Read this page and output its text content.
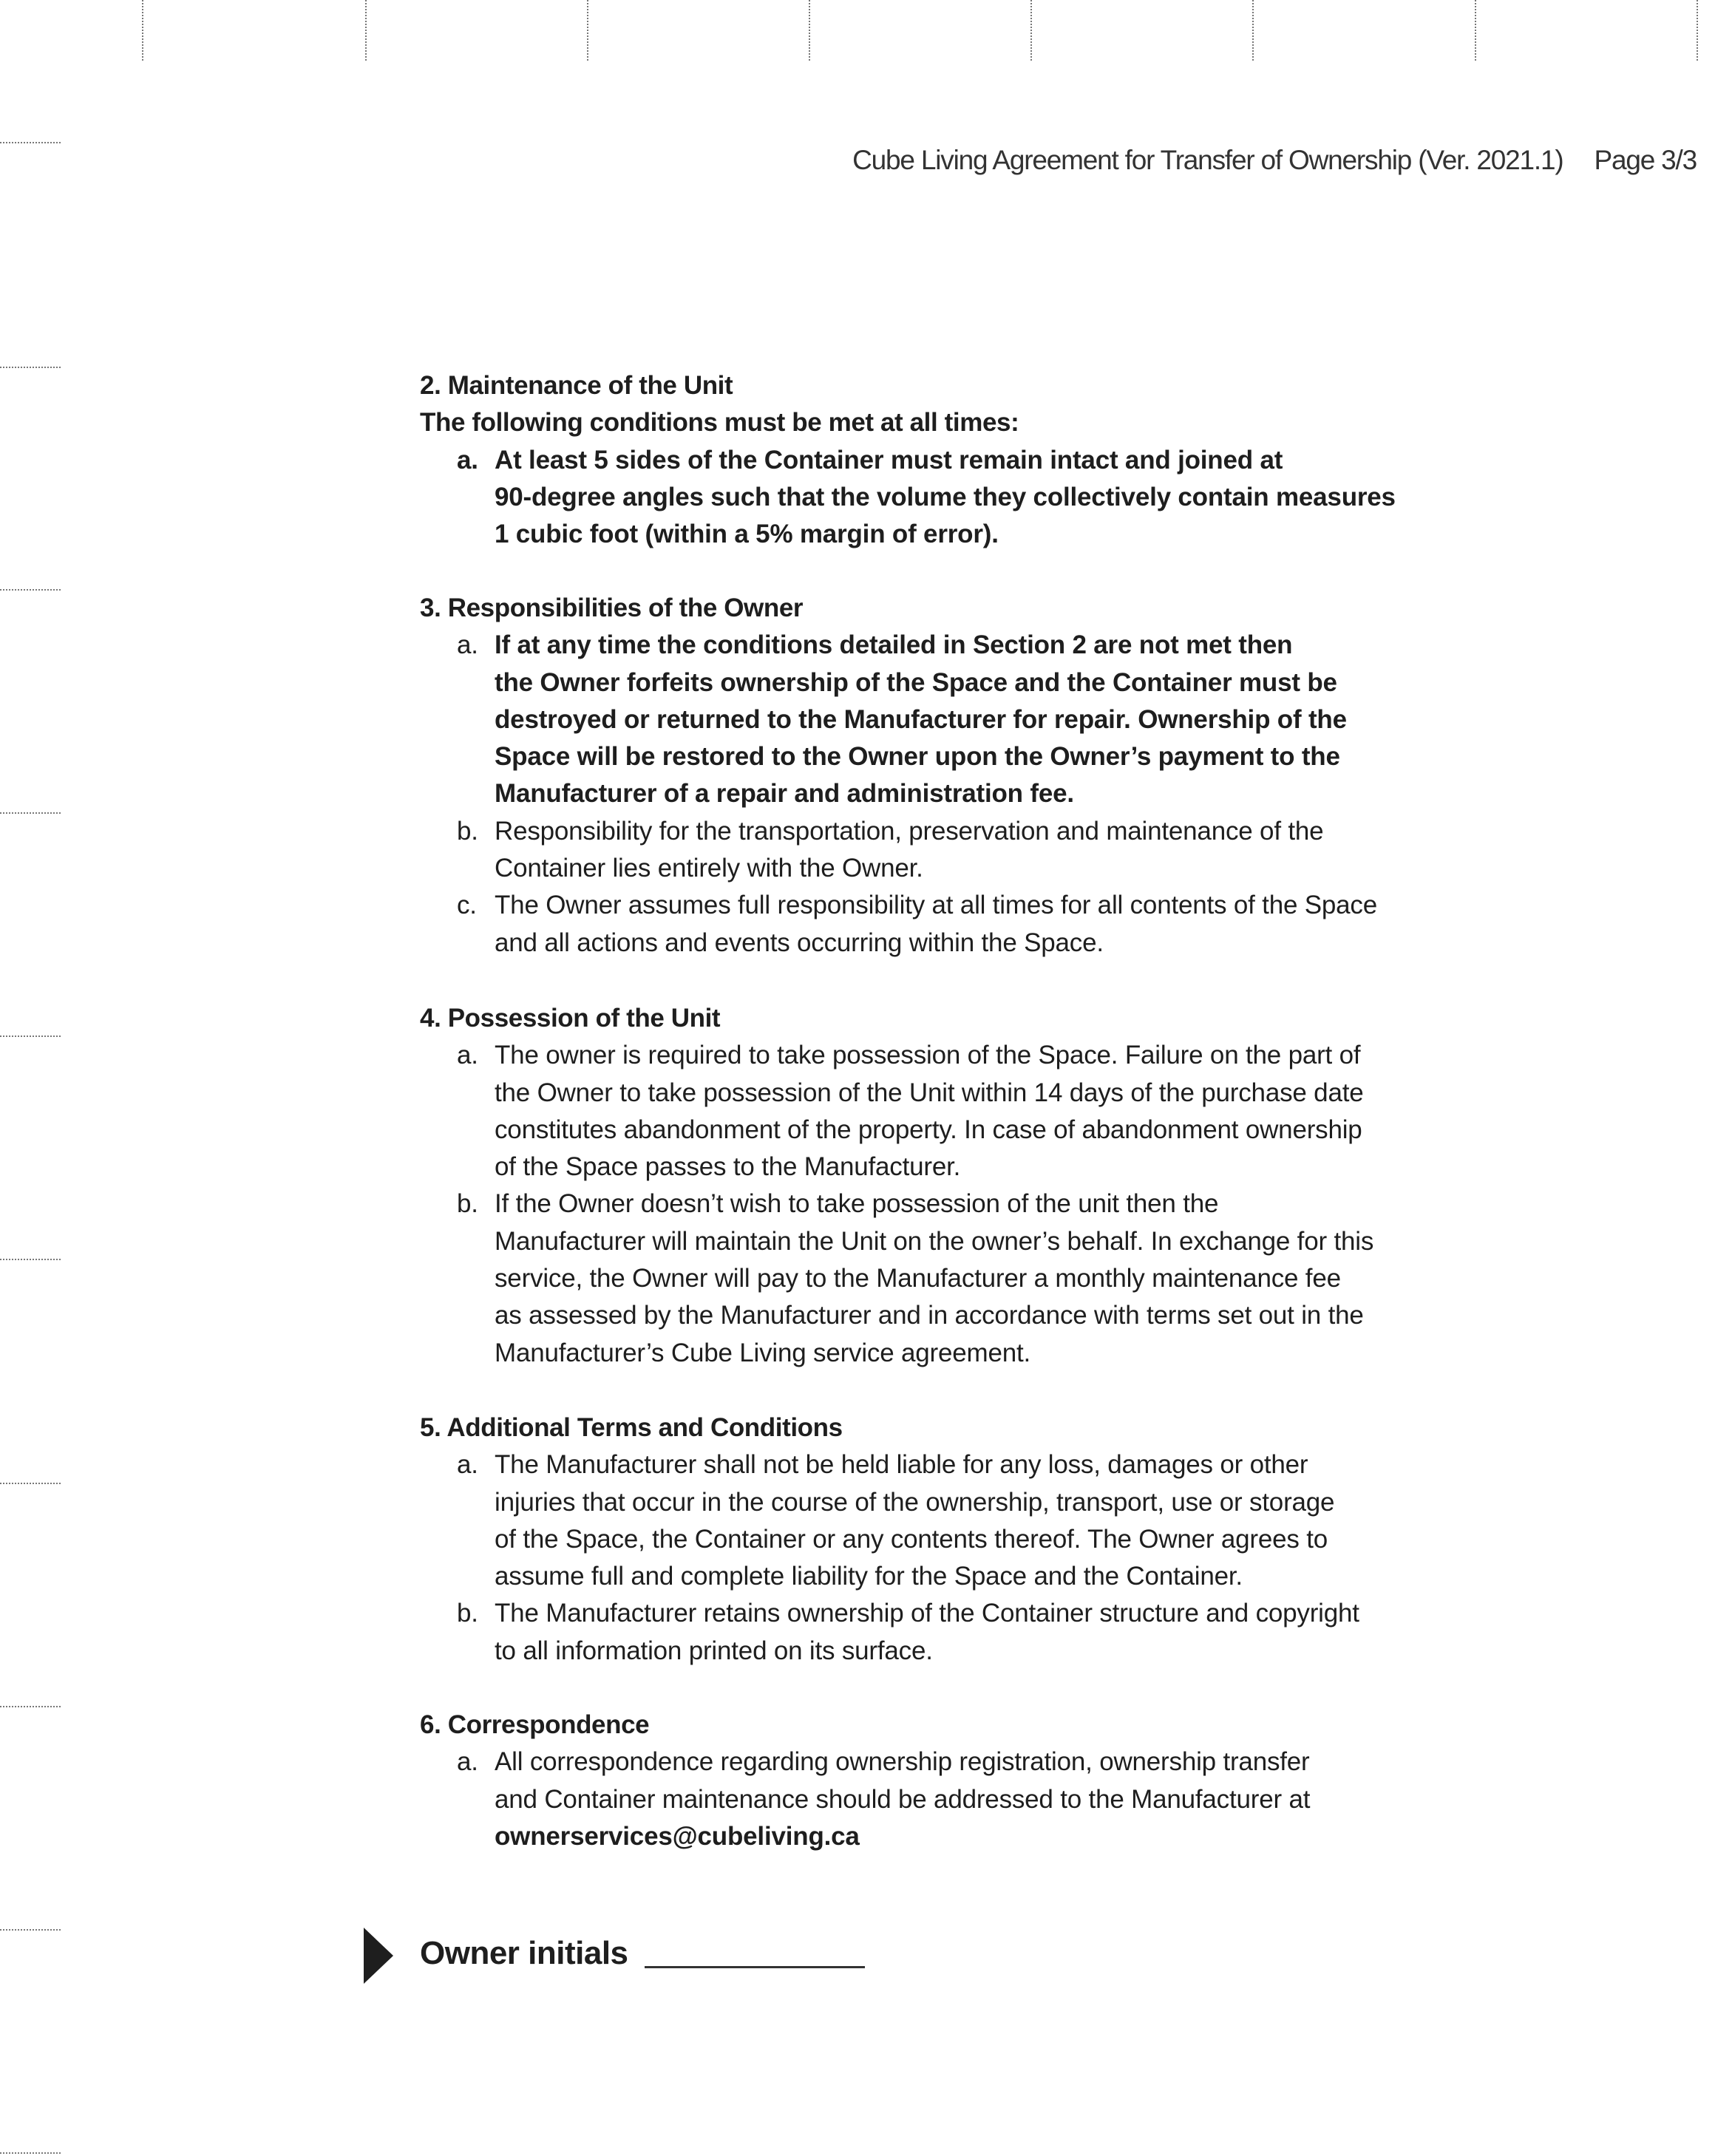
Cube Living Agreement for Transfer of Ownership (Ver. 2021.1) Page 3/3
2. Maintenance of the Unit
The following conditions must be met at all times:
a. At least 5 sides of the Container must remain intact and joined at
90-degree angles such that the volume they collectively contain measures
1 cubic foot (within a 5% margin of error).
3. Responsibilities of the Owner
a. If at any time the conditions detailed in Section 2 are not met then
the Owner forfeits ownership of the Space and the Container must be
destroyed or returned to the Manufacturer for repair. Ownership of the
Space will be restored to the Owner upon the Owner’s payment to the
Manufacturer of a repair and administration fee.
b. Responsibility for the transportation, preservation and maintenance of the
Container lies entirely with the Owner.
c. The Owner assumes full responsibility at all times for all contents of the Space
and all actions and events occurring within the Space.
4. Possession of the Unit
a. The owner is required to take possession of the Space. Failure on the part of
the Owner to take possession of the Unit within 14 days of the purchase date
constitutes abandonment of the property. In case of abandonment ownership
of the Space passes to the Manufacturer.
b. If the Owner doesn’t wish to take possession of the unit then the
Manufacturer will maintain the Unit on the owner’s behalf. In exchange for this
service, the Owner will pay to the Manufacturer a monthly maintenance fee
as assessed by the Manufacturer and in accordance with terms set out in the
Manufacturer’s Cube Living service agreement.
5. Additional Terms and Conditions
a. The Manufacturer shall not be held liable for any loss, damages or other
injuries that occur in the course of the ownership, transport, use or storage
of the Space, the Container or any contents thereof. The Owner agrees to
assume full and complete liability for the Space and the Container.
b. The Manufacturer retains ownership of the Container structure and copyright
to all information printed on its surface.
6. Correspondence
a. All correspondence regarding ownership registration, ownership transfer
and Container maintenance should be addressed to the Manufacturer at
ownerservices@cubeliving.ca
Owner initials
